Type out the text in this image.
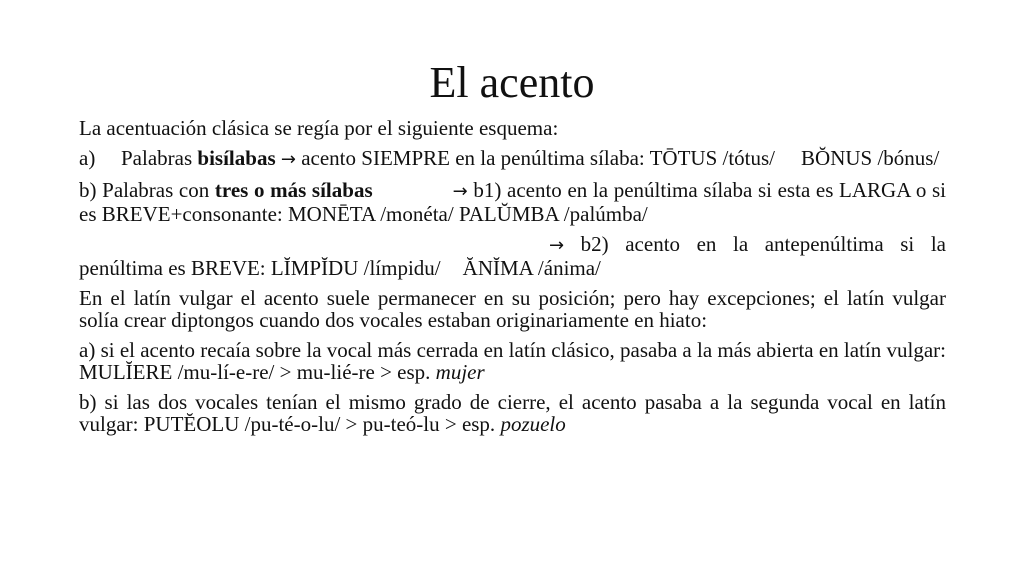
El acento

La acentuación clásica se regía por el siguiente esquema:

a)	Palabras bisílabas → acento SIEMPRE en la penúltima sílaba: TŌTUS /tótus/ BŎNUS /bónus/

b) Palabras con tres o más sílabas	→ b1) acento en la penúltima sílaba si esta es LARGA o si es BREVE+consonante: MONĒTA /monéta/ PALŬMBA /palúmba/

→ b2) acento en la antepenúltima si la penúltima es BREVE: LĬMPĬDU /límpidu/ ĂNĬMA /ánima/

En el latín vulgar el acento suele permanecer en su posición; pero hay excepciones; el latín vulgar solía crear diptongos cuando dos vocales estaban originariamente en hiato:

a) si el acento recaía sobre la vocal más cerrada en latín clásico, pasaba a la más abierta en latín vulgar: MULĬERE /mu-lí-e-re/ > mu-lié-re > esp. mujer

b) si las dos vocales tenían el mismo grado de cierre, el acento pasaba a la segunda vocal en latín vulgar: PUTĔOLU /pu-té-o-lu/ > pu-teó-lu > esp. pozuelo
